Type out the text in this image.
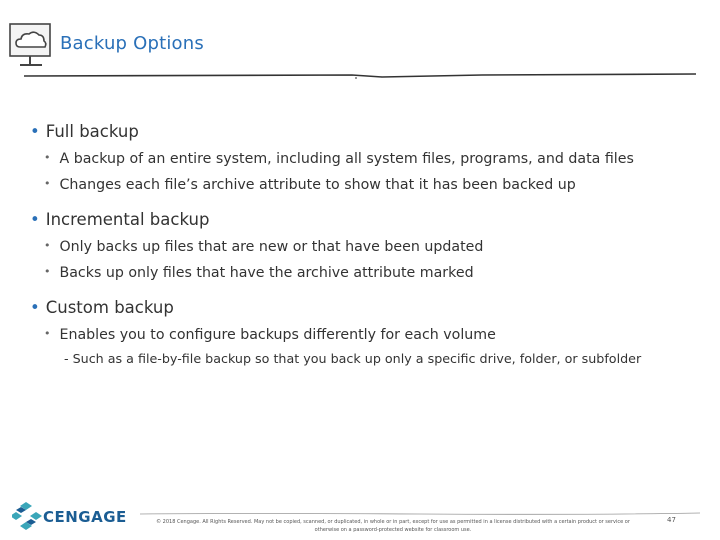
Backup Options
• Full backup
• A backup of an entire system, including all system files, programs, and data files
• Changes each file’s archive attribute to show that it has been backed up
• Incremental backup
• Only backs up files that are new or that have been updated
• Backs up only files that have the archive attribute marked
• Custom backup
• Enables you to configure backups differently for each volume
- Such as a file-by-file backup so that you back up only a specific drive, folder, or subfolder
CENGAGE	© 2018 Cengage. All Rights Reserved. May not be copied, scanned, or duplicated, in whole or in part, except for use as permitted in a license distributed with a certain product or service or
otherwise on a password-protected website for classroom use.
47
